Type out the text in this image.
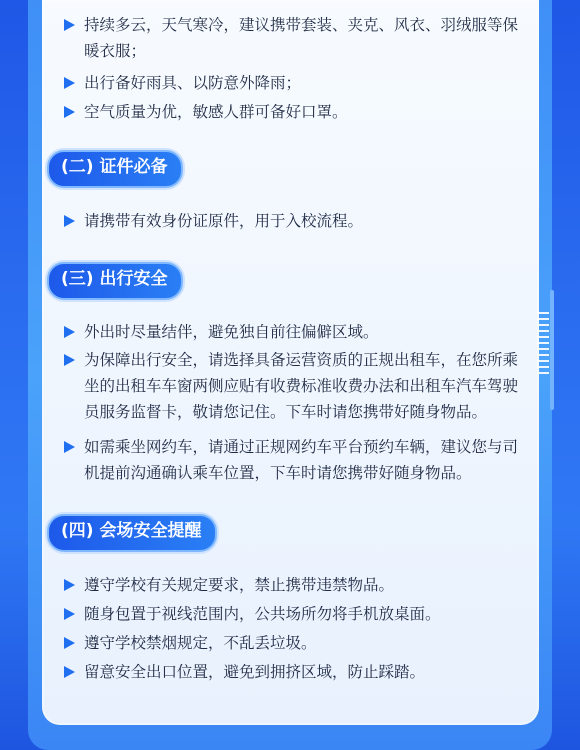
持续多云，天气寒冷，建议携带套装、夹克、风衣、羽绒服等保暖衣服；
出行备好雨具、以防意外降雨；
空气质量为优，敏感人群可备好口罩。
(二) 证件必备
请携带有效身份证原件，用于入校流程。
(三) 出行安全
外出时尽量结伴，避免独自前往偏僻区域。
为保障出行安全，请选择具备运营资质的正规出租车，在您所乘坐的出租车车窗两侧应贴有收费标准收费办法和出租车汽车驾驶员服务监督卡，敬请您记住。下车时请您携带好随身物品。
如需乘坐网约车，请通过正规网约车平台预约车辆，建议您与司机提前沟通确认乘车位置，下车时请您携带好随身物品。
(四) 会场安全提醒
遵守学校有关规定要求，禁止携带违禁物品。
随身包置于视线范围内，公共场所勿将手机放桌面。
遵守学校禁烟规定，不乱丢垃圾。
留意安全出口位置，避免到拥挤区域，防止踩踏。
